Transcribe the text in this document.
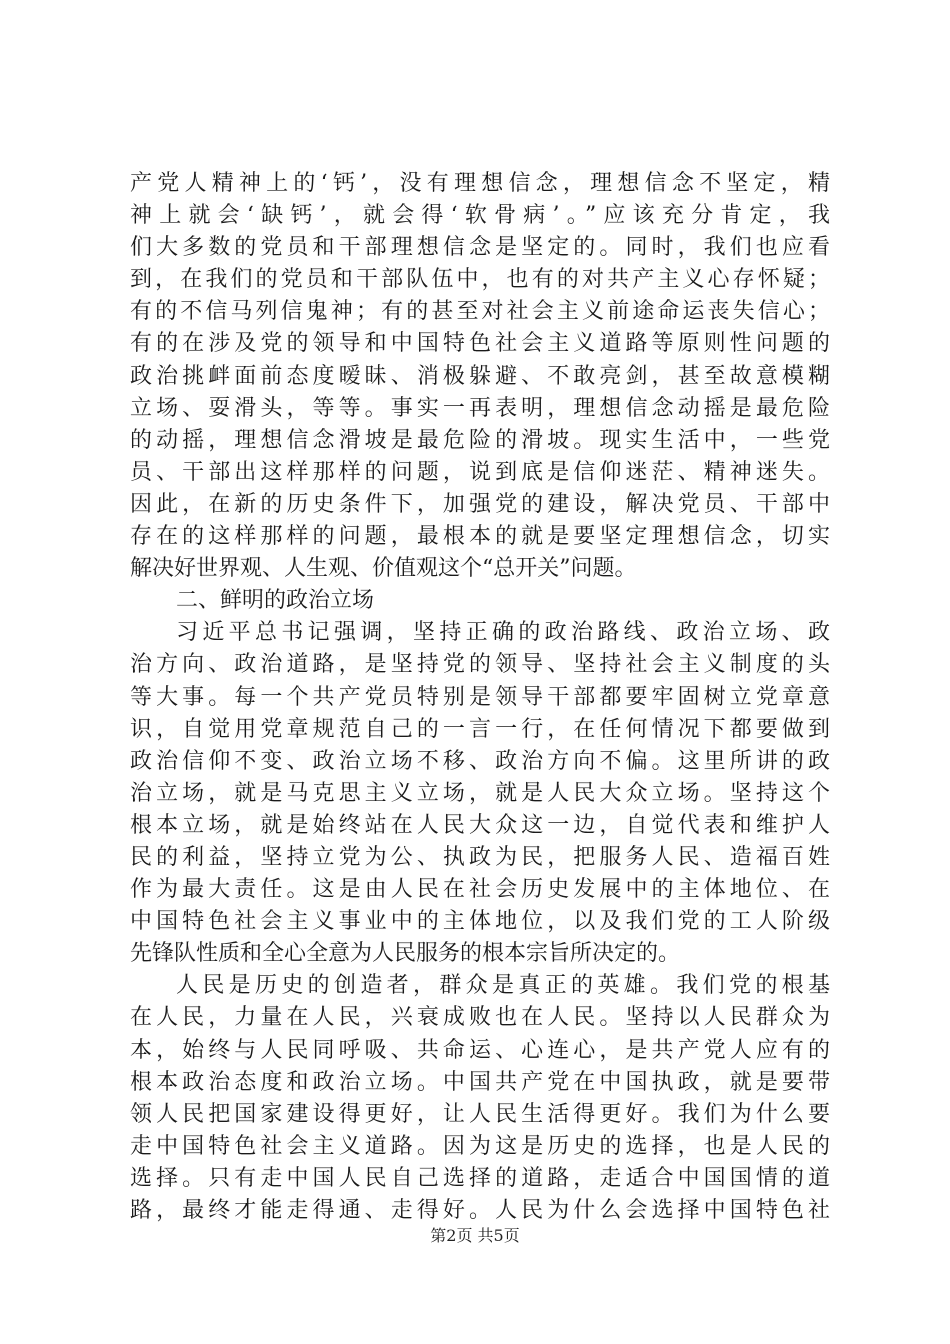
产党人精神上的‘钙’，没有理想信念，理想信念不坚定，精
神上就会‘缺钙’，就会得‘软骨病’。”应该充分肯定，我
们大多数的党员和干部理想信念是坚定的。同时，我们也应看
到，在我们的党员和干部队伍中，也有的对共产主义心存怀疑；
有的不信马列信鬼神；有的甚至对社会主义前途命运丧失信心；
有的在涉及党的领导和中国特色社会主义道路等原则性问题的
政治挑衅面前态度暧昧、消极躲避、不敢亮剑，甚至故意模糊
立场、耍滑头，等等。事实一再表明，理想信念动摇是最危险
的动摇，理想信念滑坡是最危险的滑坡。现实生活中，一些党
员、干部出这样那样的问题，说到底是信仰迷茫、精神迷失。
因此，在新的历史条件下，加强党的建设，解决党员、干部中
存在的这样那样的问题，最根本的就是要坚定理想信念，切实
解决好世界观、人生观、价值观这个“总开关”问题。
二、鲜明的政治立场
习近平总书记强调，坚持正确的政治路线、政治立场、政
治方向、政治道路，是坚持党的领导、坚持社会主义制度的头
等大事。每一个共产党员特别是领导干部都要牢固树立党章意
识，自觉用党章规范自己的一言一行，在任何情况下都要做到
政治信仰不变、政治立场不移、政治方向不偏。这里所讲的政
治立场，就是马克思主义立场，就是人民大众立场。坚持这个
根本立场，就是始终站在人民大众这一边，自觉代表和维护人
民的利益，坚持立党为公、执政为民，把服务人民、造福百姓
作为最大责任。这是由人民在社会历史发展中的主体地位、在
中国特色社会主义事业中的主体地位，以及我们党的工人阶级
先锋队性质和全心全意为人民服务的根本宗旨所决定的。
人民是历史的创造者，群众是真正的英雄。我们党的根基
在人民，力量在人民，兴衰成败也在人民。坚持以人民群众为
本，始终与人民同呼吸、共命运、心连心，是共产党人应有的
根本政治态度和政治立场。中国共产党在中国执政，就是要带
领人民把国家建设得更好，让人民生活得更好。我们为什么要
走中国特色社会主义道路。因为这是历史的选择，也是人民的
选择。只有走中国人民自己选择的道路，走适合中国国情的道
路，最终才能走得通、走得好。人民为什么会选择中国特色社
第2页 共5页
